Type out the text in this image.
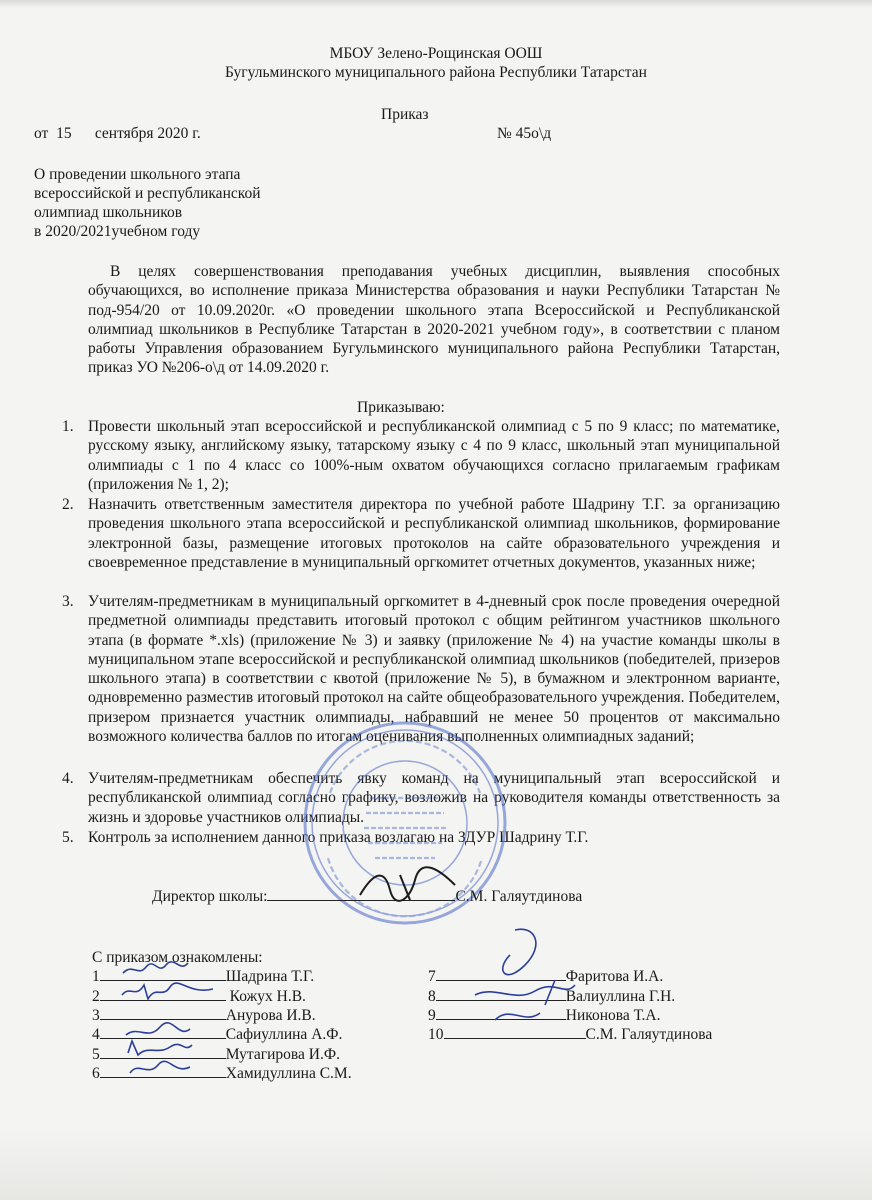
МБОУ Зелено-Рощинская ООШ
Бугульминского муниципального района Республики Татарстан
Приказ
от 15 сентября 2020 г.	№ 45о\д
О проведении школьного этапа
всероссийской и республиканской
олимпиад школьников
в 2020/2021учебном году
В целях совершенствования преподавания учебных дисциплин, выявления способных обучающихся, во исполнение приказа Министерства образования и науки Республики Татарстан № под-954/20 от 10.09.2020г. «О проведении школьного этапа Всероссийской и Республиканской олимпиад школьников в Республике Татарстан в 2020-2021 учебном году», в соответствии с планом работы Управления образованием Бугульминского муниципального района Республики Татарстан, приказ УО №206-о\д от 14.09.2020 г.
Приказываю:
1. Провести школьный этап всероссийской и республиканской олимпиад с 5 по 9 класс; по математике, русскому языку, английскому языку, татарскому языку с 4 по 9 класс, школьный этап муниципальной олимпиады с 1 по 4 класс со 100%-ным охватом обучающихся согласно прилагаемым графикам (приложения № 1, 2);
2. Назначить ответственным заместителя директора по учебной работе Шадрину Т.Г. за организацию проведения школьного этапа всероссийской и республиканской олимпиад школьников, формирование электронной базы, размещение итоговых протоколов на сайте образовательного учреждения и своевременное представление в муниципальный оргкомитет отчетных документов, указанных ниже;
3. Учителям-предметникам в муниципальный оргкомитет в 4-дневный срок после проведения очередной предметной олимпиады представить итоговый протокол с общим рейтингом участников школьного этапа (в формате *.xls) (приложение № 3) и заявку (приложение № 4) на участие команды школы в муниципальном этапе всероссийской и республиканской олимпиад школьников (победителей, призеров школьного этапа) в соответствии с квотой (приложение № 5), в бумажном и электронном варианте, одновременно разместив итоговый протокол на сайте общеобразовательного учреждения. Победителем, призером признается участник олимпиады, набравший не менее 50 процентов от максимально возможного количества баллов по итогам оценивания выполненных олимпиадных заданий;
4. Учителям-предметникам обеспечить явку команд на муниципальный этап всероссийской и республиканской олимпиад согласно графику, возложив на руководителя команды ответственность за жизнь и здоровье участников олимпиады.
5. Контроль за исполнением данного приказа возлагаю на ЗДУР Шадрину Т.Г.
Директор школы:	С.М. Галяутдинова
С приказом ознакомлены:
1	Шадрина Т.Г.
2	Кожух Н.В.
3	Анурова И.В.
4	Сафиуллина А.Ф.
5	Мутагирова И.Ф.
6	Хамидуллина С.М.
7	Фаритова И.А.
8	Валиуллина Г.Н.
9	Никонова Т.А.
10	С.М. Галяутдинова
